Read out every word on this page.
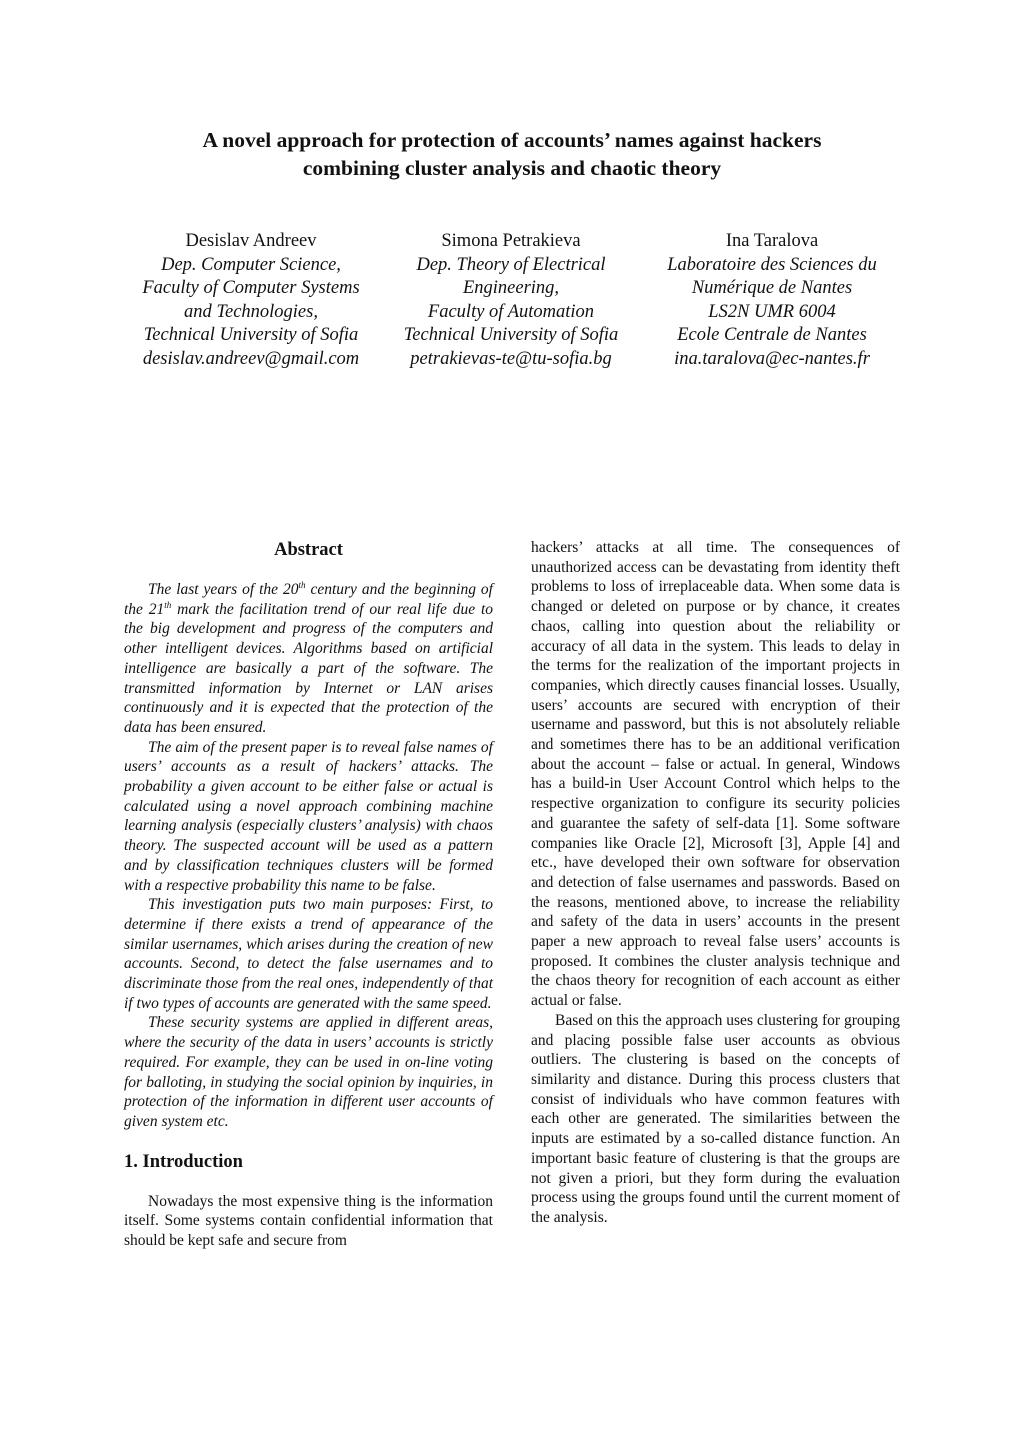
A novel approach for protection of accounts’ names against hackers
combining cluster analysis and chaotic theory
Desislav Andreev
Dep. Computer Science,
Faculty of Computer Systems
and Technologies,
Technical University of Sofia
desislav.andreev@gmail.com
Simona Petrakieva
Dep. Theory of Electrical
Engineering,
Faculty of Automation
Technical University of Sofia
petrakievas-te@tu-sofia.bg
Ina Taralova
Laboratoire des Sciences du
Numérique de Nantes
LS2N UMR 6004
Ecole Centrale de Nantes
ina.taralova@ec-nantes.fr
Abstract

The last years of the 20th century and the beginning of the 21th mark the facilitation trend of our real life due to the big development and progress of the computers and other intelligent devices. Algorithms based on artificial intelligence are basically a part of the software. The transmitted information by Internet or LAN arises continuously and it is expected that the protection of the data has been ensured.

The aim of the present paper is to reveal false names of users’ accounts as a result of hackers’ attacks. The probability a given account to be either false or actual is calculated using a novel approach combining machine learning analysis (especially clusters’ analysis) with chaos theory. The suspected account will be used as a pattern and by classification techniques clusters will be formed with a respective probability this name to be false.

This investigation puts two main purposes: First, to determine if there exists a trend of appearance of the similar usernames, which arises during the creation of new accounts. Second, to detect the false usernames and to discriminate those from the real ones, independently of that if two types of accounts are generated with the same speed.

These security systems are applied in different areas, where the security of the data in users’ accounts is strictly required. For example, they can be used in on-line voting for balloting, in studying the social opinion by inquiries, in protection of the information in different user accounts of given system etc.

1. Introduction

Nowadays the most expensive thing is the information itself. Some systems contain confidential information that should be kept safe and secure from

hackers’ attacks at all time. The consequences of unauthorized access can be devastating from identity theft problems to loss of irreplaceable data. When some data is changed or deleted on purpose or by chance, it creates chaos, calling into question about the reliability or accuracy of all data in the system. This leads to delay in the terms for the realization of the important projects in companies, which directly causes financial losses. Usually, users’ accounts are secured with encryption of their username and password, but this is not absolutely reliable and sometimes there has to be an additional verification about the account – false or actual. In general, Windows has a build-in User Account Control which helps to the respective organization to configure its security policies and guarantee the safety of self-data [1]. Some software companies like Oracle [2], Microsoft [3], Apple [4] and etc., have developed their own software for observation and detection of false usernames and passwords. Based on the reasons, mentioned above, to increase the reliability and safety of the data in users’ accounts in the present paper a new approach to reveal false users’ accounts is proposed. It combines the cluster analysis technique and the chaos theory for recognition of each account as either actual or false.

Based on this the approach uses clustering for grouping and placing possible false user accounts as obvious outliers. The clustering is based on the concepts of similarity and distance. During this process clusters that consist of individuals who have common features with each other are generated. The similarities between the inputs are estimated by a so-called distance function. An important basic feature of clustering is that the groups are not given a priori, but they form during the evaluation process using the groups found until the current moment of the analysis.
